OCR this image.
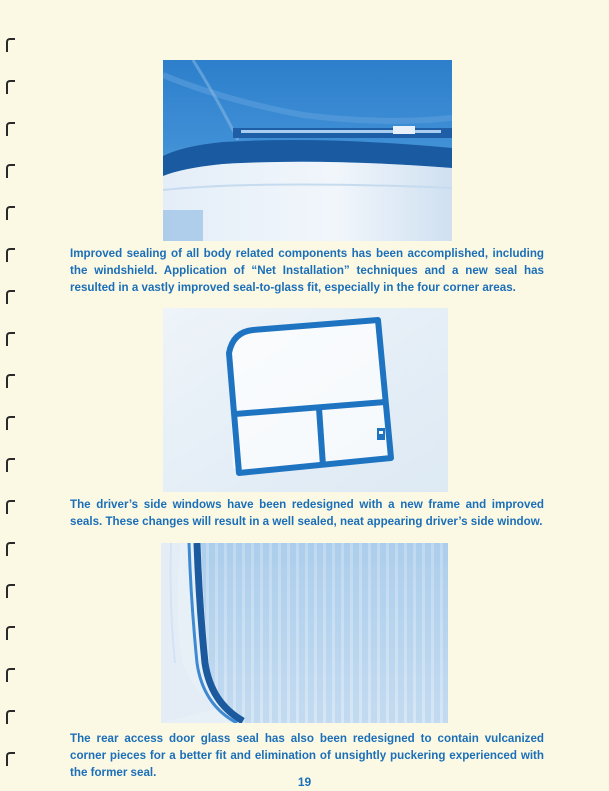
Improved sealing of all body related components has been accomplished, including the windshield. Application of “Net Installation” techniques and a new seal has resulted in a vastly improved seal-to-glass fit, especially in the four corner areas.
The driver’s side windows have been redesigned with a new frame and improved seals. These changes will result in a well sealed, neat appearing driver’s side window.
The rear access door glass seal has also been redesigned to contain vulcanized corner pieces for a better fit and elimination of unsightly puckering experienced with the former seal.
19
